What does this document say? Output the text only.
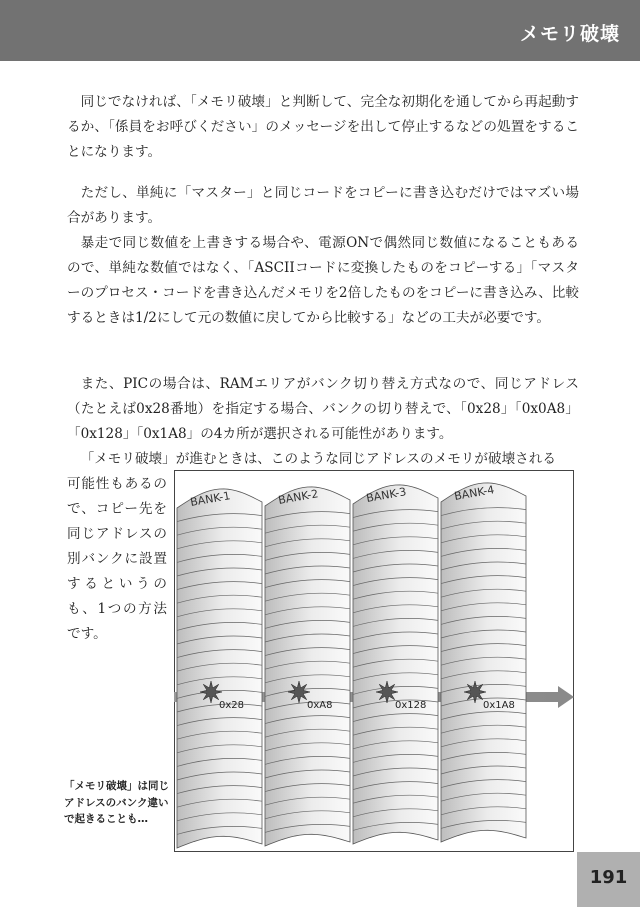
メモリ破壊

同じでなければ、「メモリ破壊」と判断して、完全な初期化を通してから再起動するか、「係員をお呼びください」のメッセージを出して停止するなどの処置をすることになります。

ただし、単純に「マスター」と同じコードをコピーに書き込むだけではマズい場合があります。

暴走で同じ数値を上書きする場合や、電源ONで偶然同じ数値になることもあるので、単純な数値ではなく、「ASCIIコードに変換したものをコピーする」「マスターのプロセス・コードを書き込んだメモリを2倍したものをコピーに書き込み、比較するときは1/2にして元の数値に戻してから比較する」などの工夫が必要です。

また、PICの場合は、RAMエリアがバンク切り替え方式なので、同じアドレス（たとえば0x28番地）を指定する場合、バンクの切り替えで、「0x28」「0x0A8」「0x128」「0x1A8」の4カ所が選択される可能性があります。

「メモリ破壊」が進むときは、このような同じアドレスのメモリが破壊される

可能性もあるので、コピー先を同じアドレスの別バンクに設置するというのも、1つの方法です。

「メモリ破壊」は同じアドレスのバンク違いで起きることも…

BANK-1
0x28
BANK-2
0xA8
BANK-3
0x128
BANK-4
0x1A8
191
